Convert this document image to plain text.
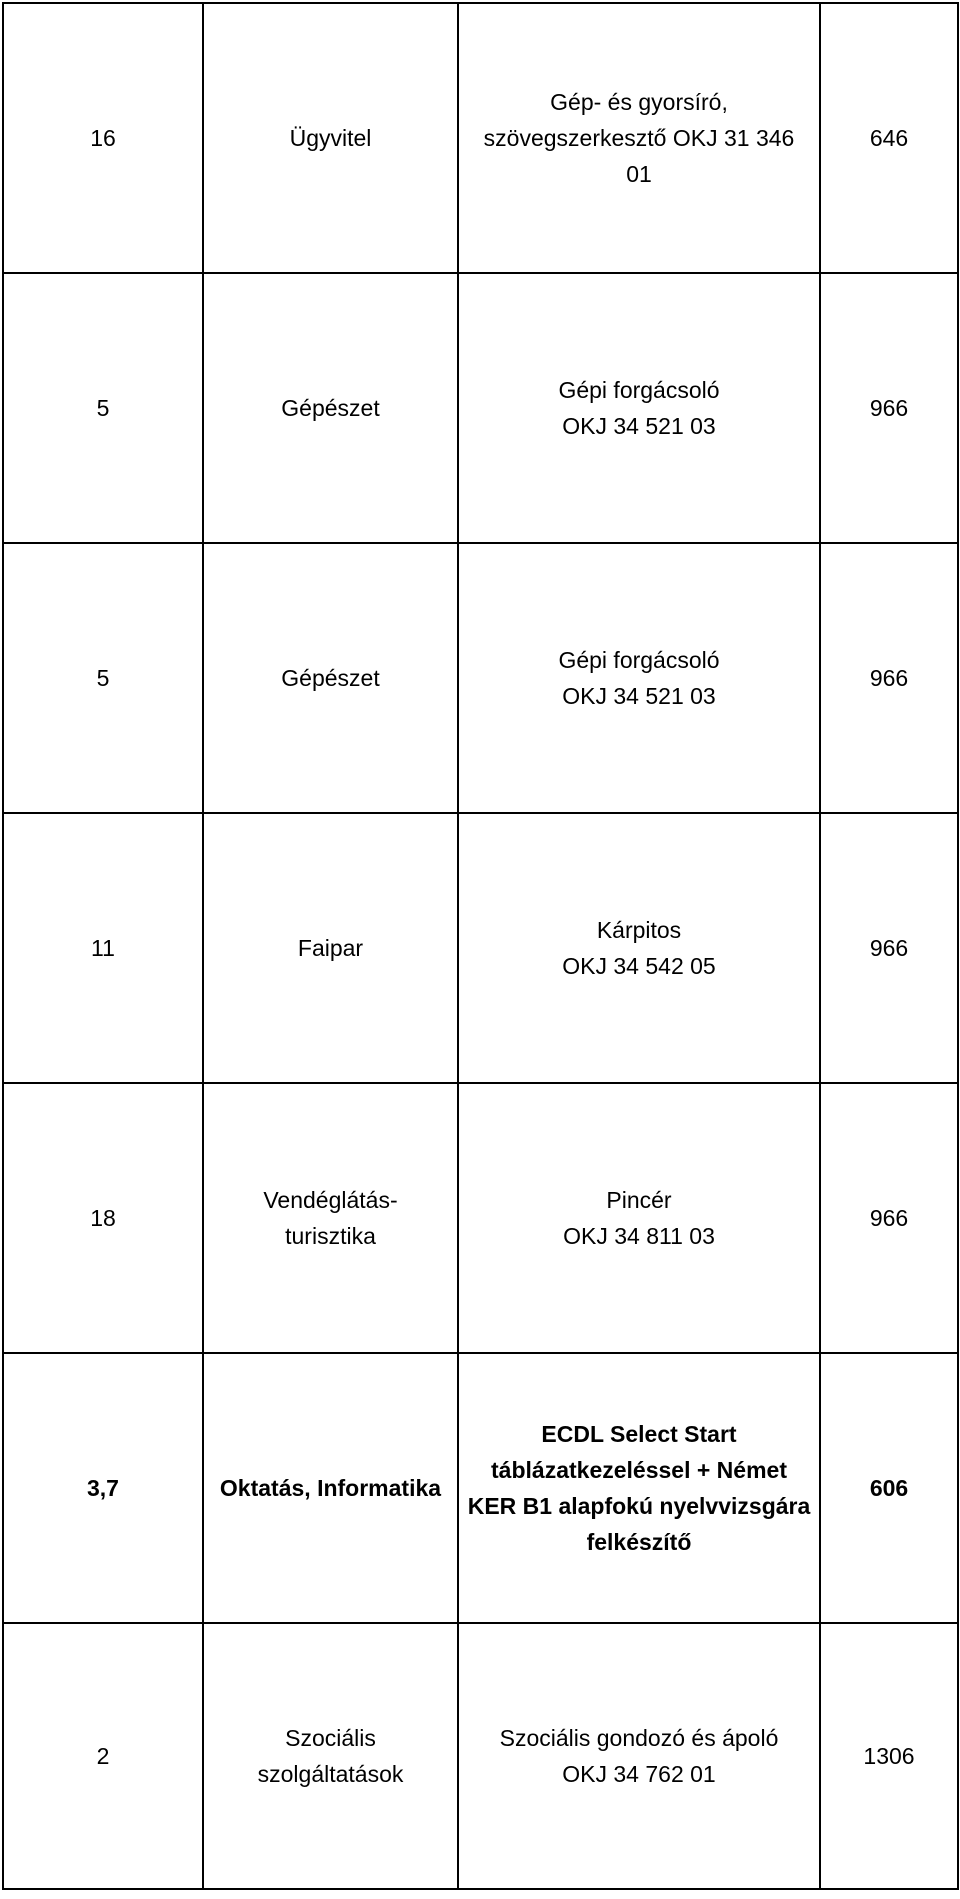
16	Ügyvitel	Gép- és gyorsíró,
szövegszerkesztő OKJ 31 346
01	646
5	Gépészet	Gépi forgácsoló
OKJ 34 521 03	966
5	Gépészet	Gépi forgácsoló
OKJ 34 521 03	966
11	Faipar	Kárpitos
OKJ 34 542 05	966
18	Vendéglátás-
turisztika	Pincér
OKJ 34 811 03	966
3,7	Oktatás, Informatika	ECDL Select Start
táblázatkezeléssel + Német
KER B1 alapfokú nyelvvizsgára
felkészítő	606
2	Szociális
szolgáltatások	Szociális gondozó és ápoló
OKJ 34 762 01	1306
